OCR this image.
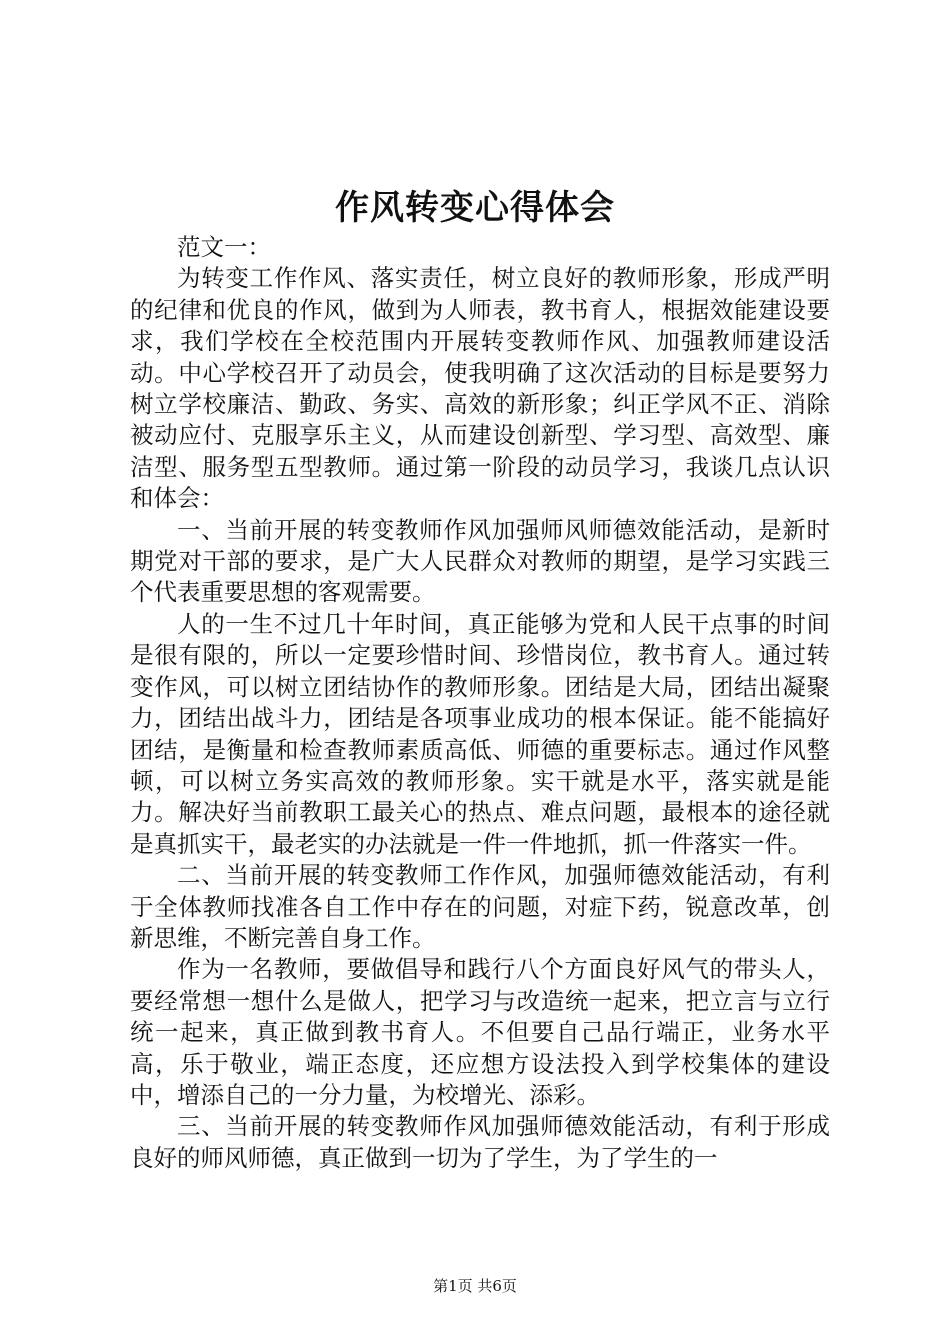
作风转变心得体会

范文一：

为转变工作作风、落实责任，树立良好的教师形象，形成严明的纪律和优良的作风，做到为人师表，教书育人，根据效能建设要求，我们学校在全校范围内开展转变教师作风、加强教师建设活动。中心学校召开了动员会，使我明确了这次活动的目标是要努力树立学校廉洁、勤政、务实、高效的新形象；纠正学风不正、消除被动应付、克服享乐主义，从而建设创新型、学习型、高效型、廉洁型、服务型五型教师。通过第一阶段的动员学习，我谈几点认识和体会：

一、当前开展的转变教师作风加强师风师德效能活动，是新时期党对干部的要求，是广大人民群众对教师的期望，是学习实践三个代表重要思想的客观需要。

人的一生不过几十年时间，真正能够为党和人民干点事的时间是很有限的，所以一定要珍惜时间、珍惜岗位，教书育人。通过转变作风，可以树立团结协作的教师形象。团结是大局，团结出凝聚力，团结出战斗力，团结是各项事业成功的根本保证。能不能搞好团结，是衡量和检查教师素质高低、师德的重要标志。通过作风整顿，可以树立务实高效的教师形象。实干就是水平，落实就是能力。解决好当前教职工最关心的热点、难点问题，最根本的途径就是真抓实干，最老实的办法就是一件一件地抓，抓一件落实一件。

二、当前开展的转变教师工作作风，加强师德效能活动，有利于全体教师找准各自工作中存在的问题，对症下药，锐意改革，创新思维，不断完善自身工作。

作为一名教师，要做倡导和践行八个方面良好风气的带头人，要经常想一想什么是做人，把学习与改造统一起来，把立言与立行统一起来，真正做到教书育人。不但要自己品行端正，业务水平高，乐于敬业，端正态度，还应想方设法投入到学校集体的建设中，增添自己的一分力量，为校增光、添彩。

三、当前开展的转变教师作风加强师德效能活动，有利于形成良好的师风师德，真正做到一切为了学生，为了学生的一

第1页 共6页
